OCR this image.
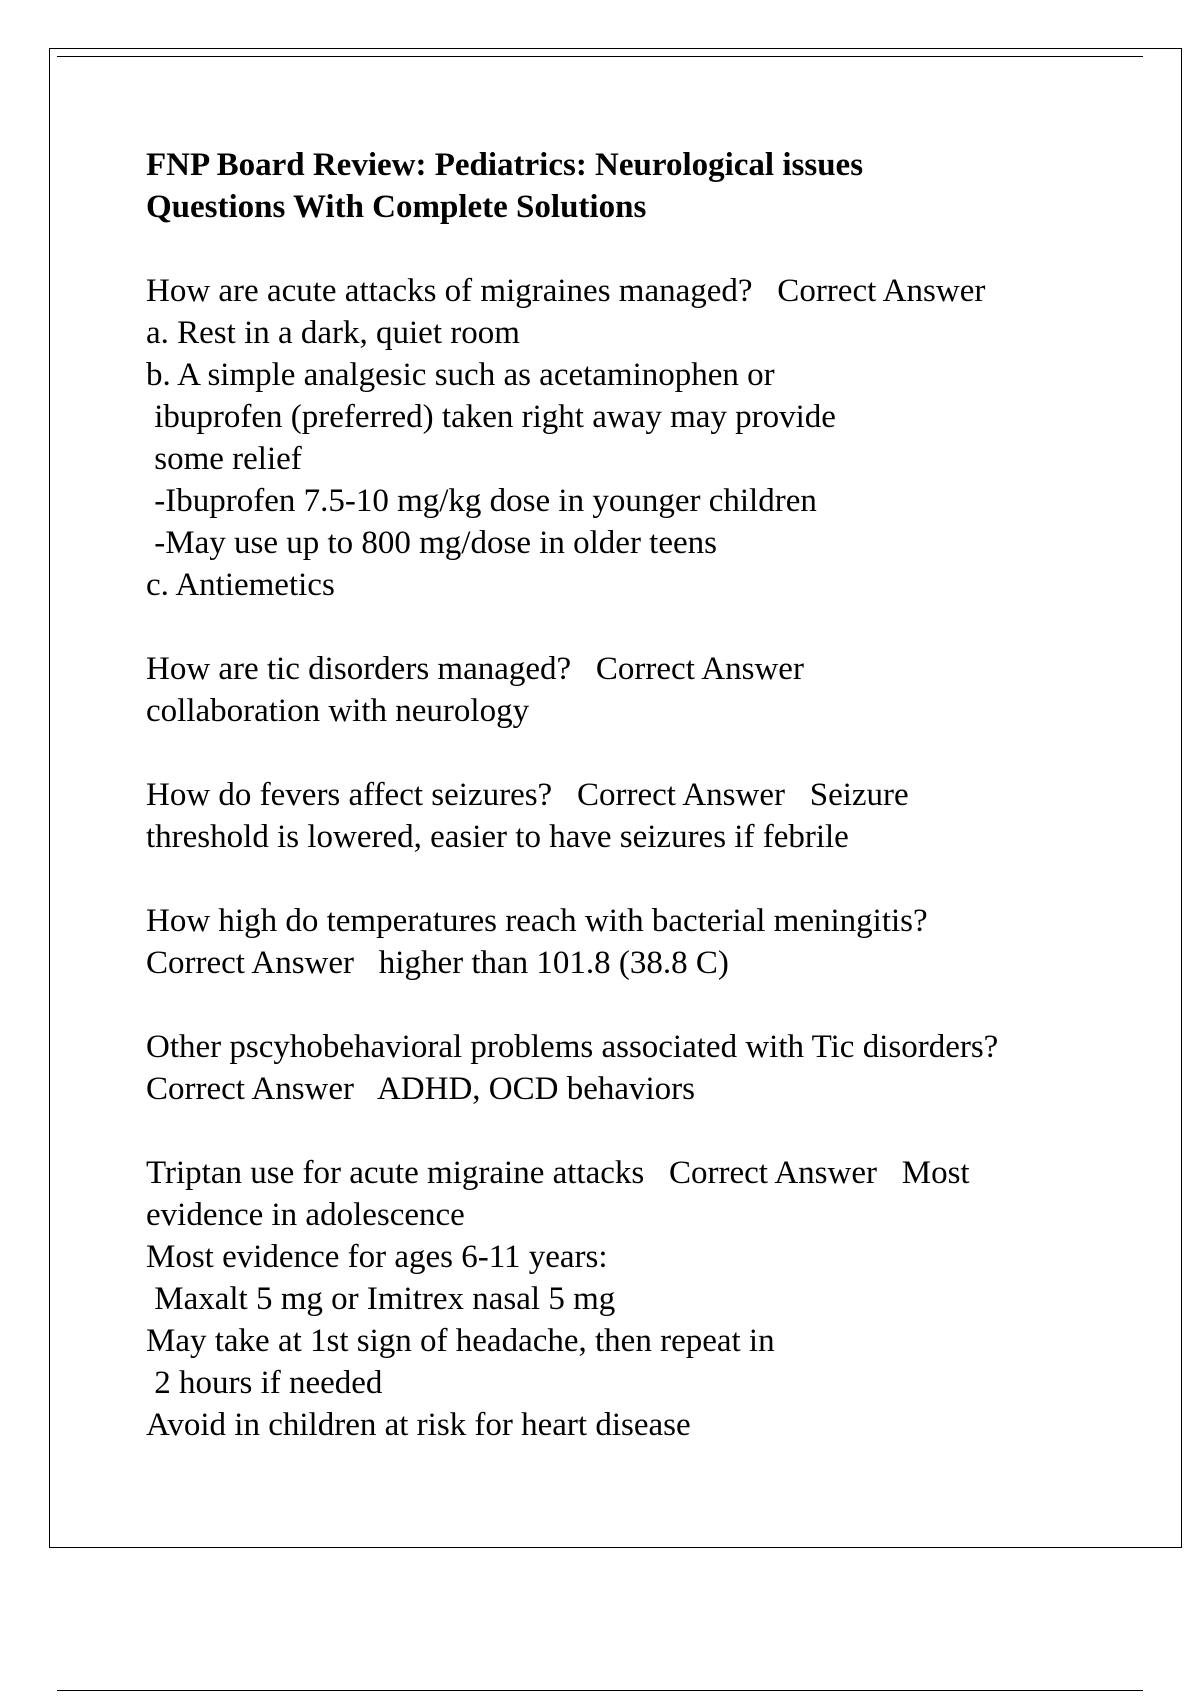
FNP Board Review: Pediatrics: Neurological issues
Questions With Complete Solutions
How are acute attacks of migraines managed?   Correct Answer
a. Rest in a dark, quiet room
b. A simple analgesic such as acetaminophen or
ibuprofen (preferred) taken right away may provide
some relief
-Ibuprofen 7.5-10 mg/kg dose in younger children
-May use up to 800 mg/dose in older teens
c. Antiemetics
How are tic disorders managed?   Correct Answer
collaboration with neurology
How do fevers affect seizures?   Correct Answer   Seizure
threshold is lowered, easier to have seizures if febrile
How high do temperatures reach with bacterial meningitis?
Correct Answer   higher than 101.8 (38.8 C)
Other pscyhobehavioral problems associated with Tic disorders?
Correct Answer   ADHD, OCD behaviors
Triptan use for acute migraine attacks   Correct Answer   Most
evidence in adolescence
Most evidence for ages 6-11 years:
Maxalt 5 mg or Imitrex nasal 5 mg
May take at 1st sign of headache, then repeat in
2 hours if needed
Avoid in children at risk for heart disease
